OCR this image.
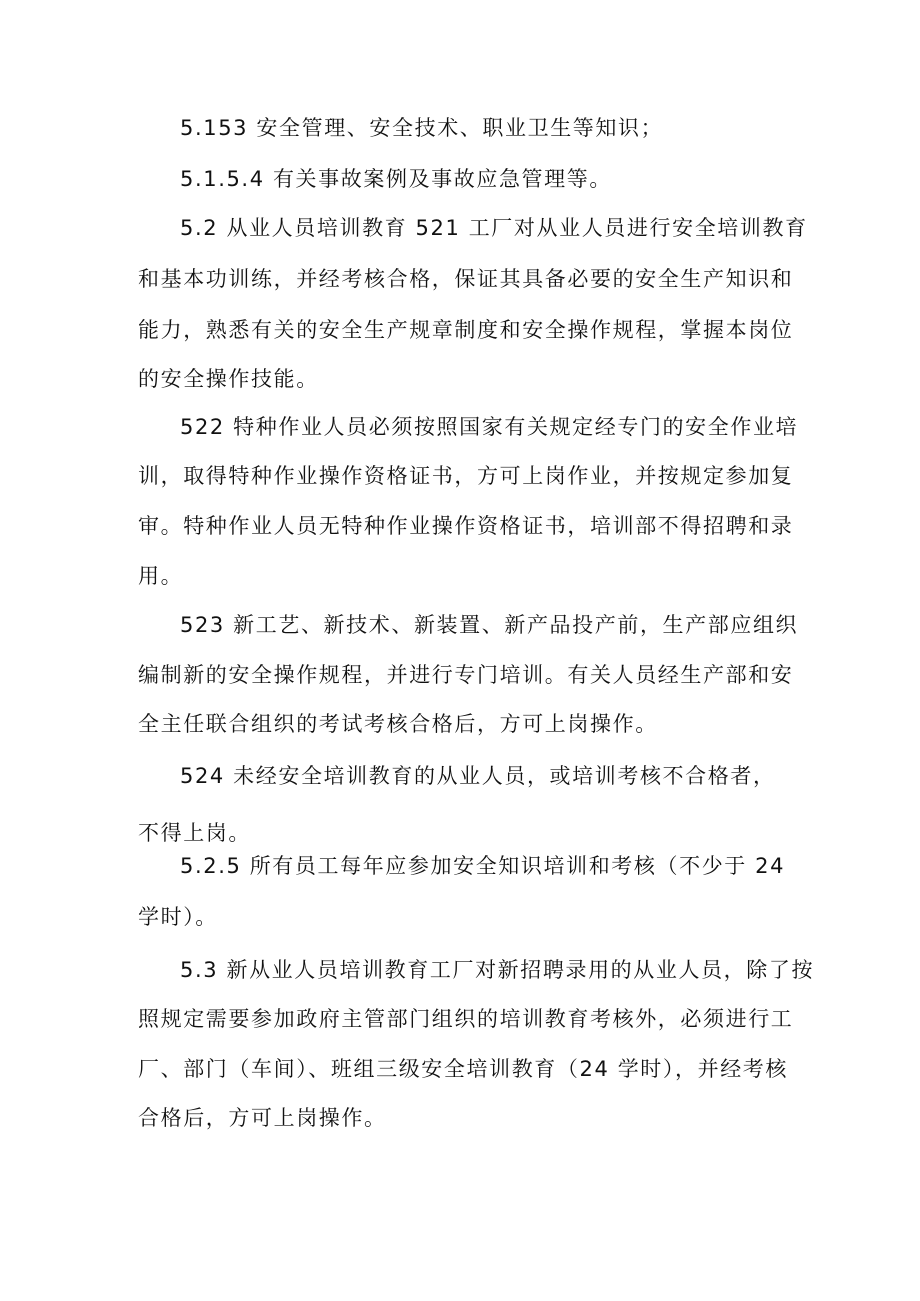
5.153 安全管理、安全技术、职业卫生等知识；
5.1.5.4 有关事故案例及事故应急管理等。
5.2 从业人员培训教育 521 工厂对从业人员进行安全培训教育
和基本功训练，并经考核合格，保证其具备必要的安全生产知识和
能力，熟悉有关的安全生产规章制度和安全操作规程，掌握本岗位
的安全操作技能。
522 特种作业人员必须按照国家有关规定经专门的安全作业培
训，取得特种作业操作资格证书，方可上岗作业，并按规定参加复
审。特种作业人员无特种作业操作资格证书，培训部不得招聘和录
用。
523 新工艺、新技术、新装置、新产品投产前，生产部应组织
编制新的安全操作规程，并进行专门培训。有关人员经生产部和安
全主任联合组织的考试考核合格后，方可上岗操作。
524 未经安全培训教育的从业人员，或培训考核不合格者，
不得上岗。
5.2.5 所有员工每年应参加安全知识培训和考核（不少于 24
学时）。
5.3 新从业人员培训教育工厂对新招聘录用的从业人员，除了按
照规定需要参加政府主管部门组织的培训教育考核外，必须进行工
厂、部门（车间）、班组三级安全培训教育（24 学时），并经考核
合格后，方可上岗操作。
